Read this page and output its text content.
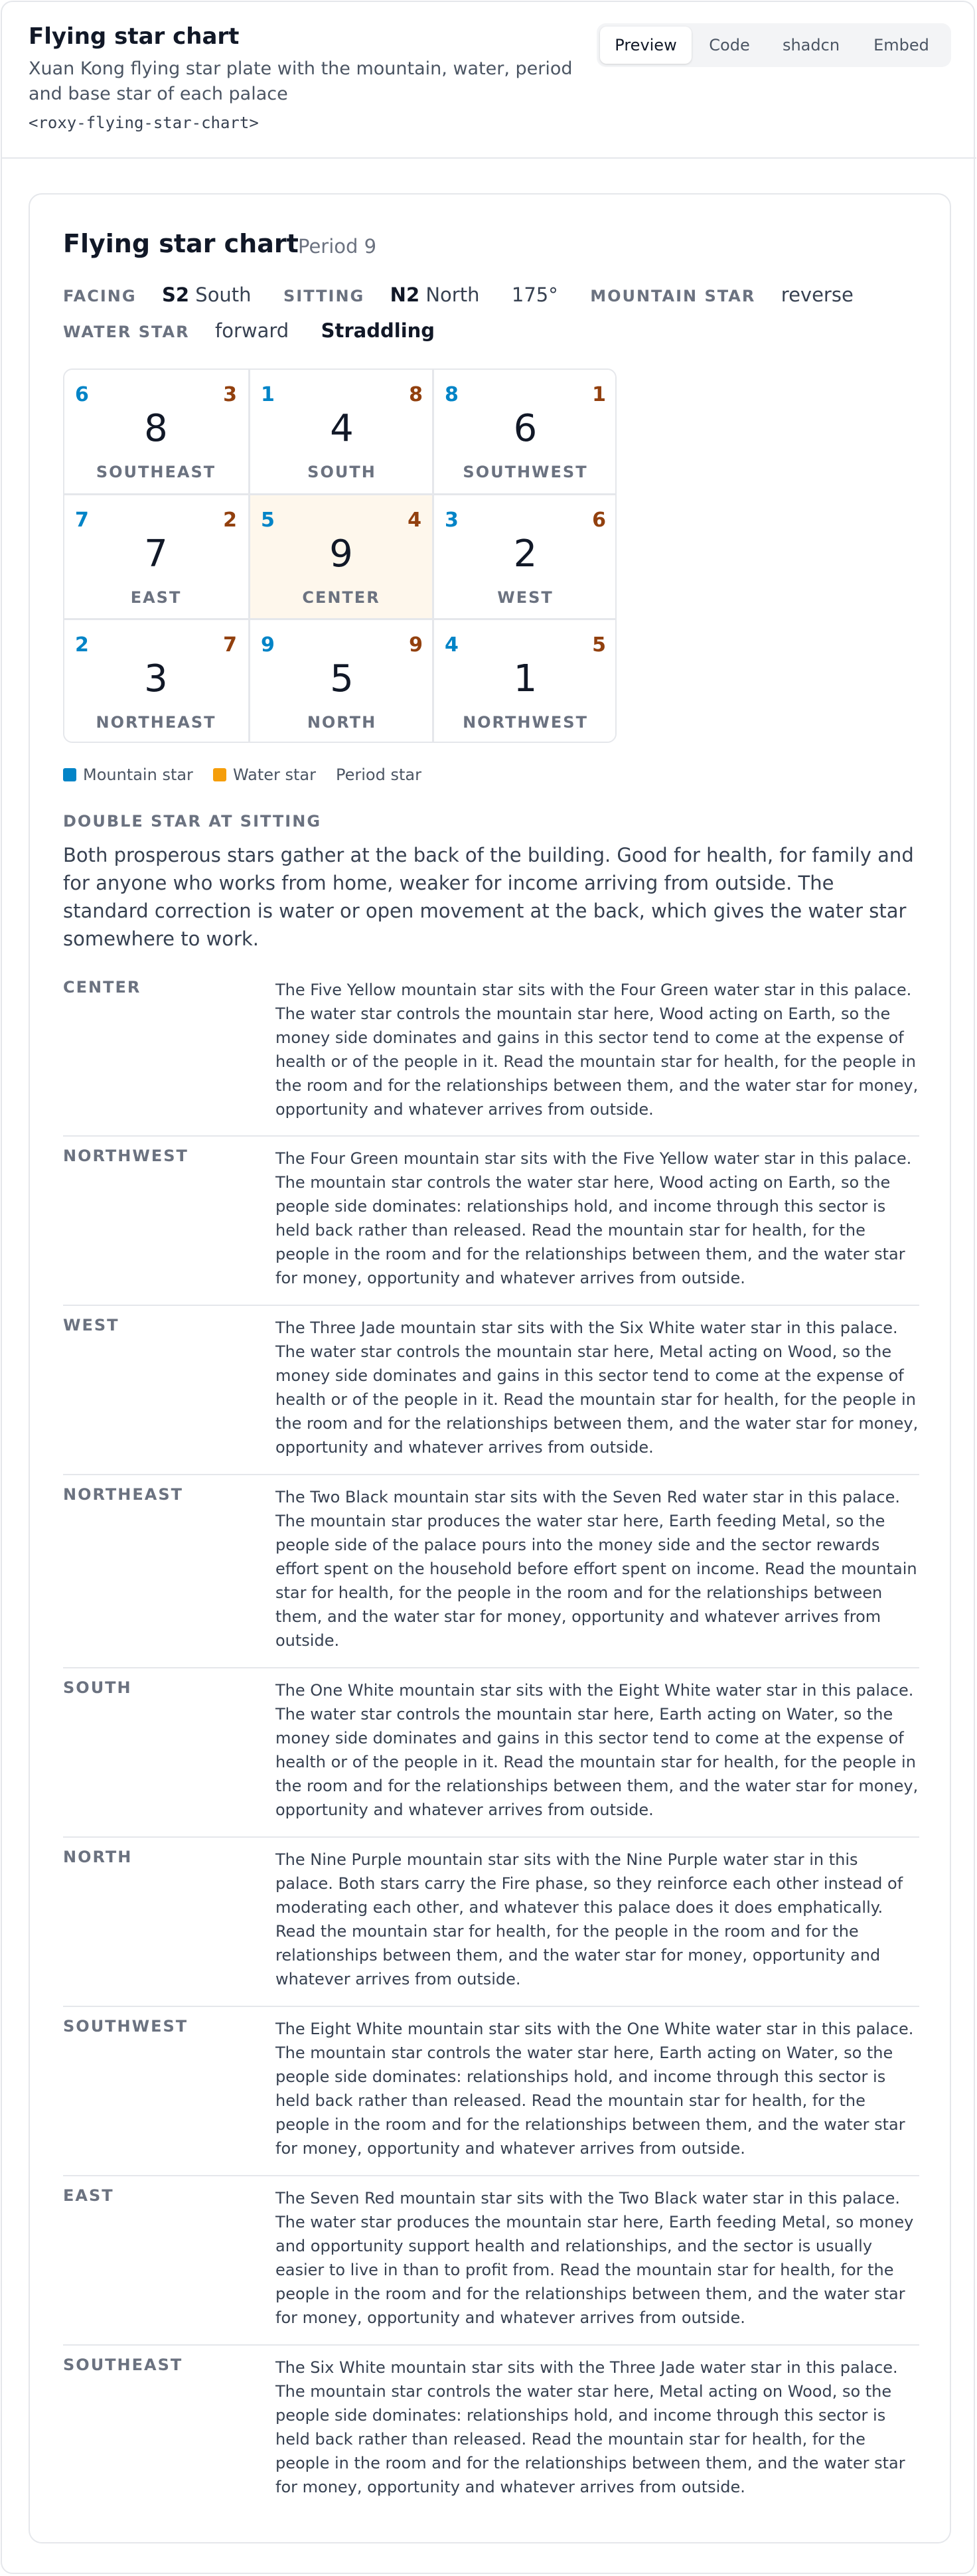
Flying star chart
Xuan Kong flying star plate with the mountain, water, period and base star of each palace
<roxy-flying-star-chart>
Preview	Code	shadcn	Embed
Flying star chart Period 9
FACING S2 South SITTING N2 North 175° MOUNTAIN STAR reverse
WATER STAR forward Straddling
6	3
8
SOUTHEAST
1	8
4
SOUTH
8	1
6
SOUTHWEST
7	2
7
EAST
5	4
9
CENTER
3	6
2
WEST
2	7
3
NORTHEAST
9	9
5
NORTH
4	5
1
NORTHWEST
Mountain star	Water star Period star
DOUBLE STAR AT SITTING
Both prosperous stars gather at the back of the building. Good for health, for family and for anyone who works from home, weaker for income arriving from outside. The standard correction is water or open movement at the back, which gives the water star somewhere to work.
CENTER	The Five Yellow mountain star sits with the Four Green water star in this palace. The water star controls the mountain star here, Wood acting on Earth, so the money side dominates and gains in this sector tend to come at the expense of health or of the people in it. Read the mountain star for health, for the people in the room and for the relationships between them, and the water star for money, opportunity and whatever arrives from outside.
NORTHWEST	The Four Green mountain star sits with the Five Yellow water star in this palace. The mountain star controls the water star here, Wood acting on Earth, so the people side dominates: relationships hold, and income through this sector is held back rather than released. Read the mountain star for health, for the people in the room and for the relationships between them, and the water star for money, opportunity and whatever arrives from outside.
WEST	The Three Jade mountain star sits with the Six White water star in this palace. The water star controls the mountain star here, Metal acting on Wood, so the money side dominates and gains in this sector tend to come at the expense of health or of the people in it. Read the mountain star for health, for the people in the room and for the relationships between them, and the water star for money, opportunity and whatever arrives from outside.
NORTHEAST	The Two Black mountain star sits with the Seven Red water star in this palace. The mountain star produces the water star here, Earth feeding Metal, so the people side of the palace pours into the money side and the sector rewards effort spent on the household before effort spent on income. Read the mountain star for health, for the people in the room and for the relationships between them, and the water star for money, opportunity and whatever arrives from outside.
SOUTH	The One White mountain star sits with the Eight White water star in this palace. The water star controls the mountain star here, Earth acting on Water, so the money side dominates and gains in this sector tend to come at the expense of health or of the people in it. Read the mountain star for health, for the people in the room and for the relationships between them, and the water star for money, opportunity and whatever arrives from outside.
NORTH	The Nine Purple mountain star sits with the Nine Purple water star in this palace. Both stars carry the Fire phase, so they reinforce each other instead of moderating each other, and whatever this palace does it does emphatically. Read the mountain star for health, for the people in the room and for the relationships between them, and the water star for money, opportunity and whatever arrives from outside.
SOUTHWEST	The Eight White mountain star sits with the One White water star in this palace. The mountain star controls the water star here, Earth acting on Water, so the people side dominates: relationships hold, and income through this sector is held back rather than released. Read the mountain star for health, for the people in the room and for the relationships between them, and the water star for money, opportunity and whatever arrives from outside.
EAST	The Seven Red mountain star sits with the Two Black water star in this palace. The water star produces the mountain star here, Earth feeding Metal, so money and opportunity support health and relationships, and the sector is usually easier to live in than to profit from. Read the mountain star for health, for the people in the room and for the relationships between them, and the water star for money, opportunity and whatever arrives from outside.
SOUTHEAST	The Six White mountain star sits with the Three Jade water star in this palace. The mountain star controls the water star here, Metal acting on Wood, so the people side dominates: relationships hold, and income through this sector is held back rather than released. Read the mountain star for health, for the people in the room and for the relationships between them, and the water star for money, opportunity and whatever arrives from outside.
